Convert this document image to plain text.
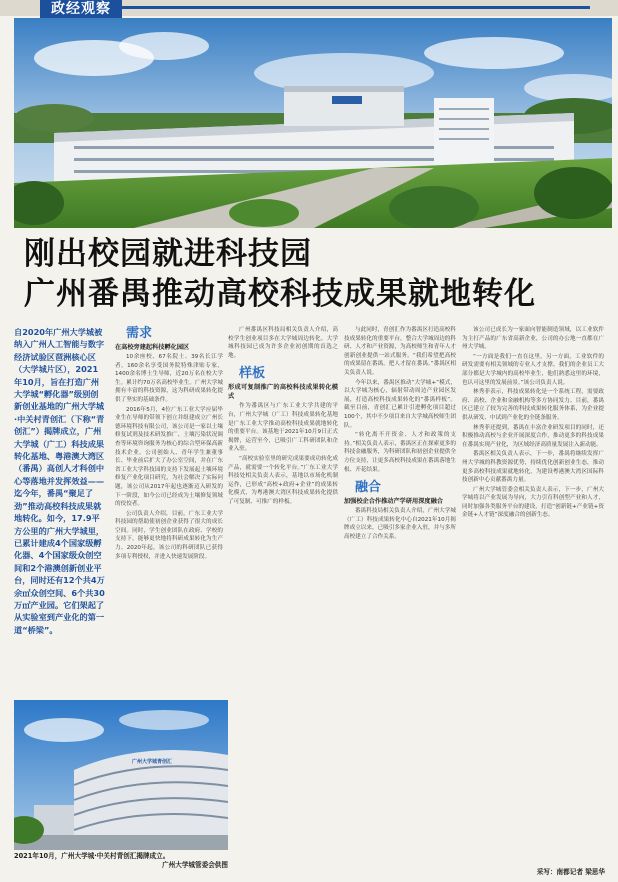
政经观察
刚出校园就进科技园
广州番禺推动高校科技成果就地转化
自2020年广州大学城被纳入广州人工智能与数字经济试验区琶洲核心区（大学城片区），2021年10月，旨在打造广州大学城“孵化器”级别创新创业基地的广州大学城·中关村青创汇（下称“青创汇”）揭牌成立，广州大学城（广工）科技成果转化基地、粤港澳大湾区（番禺）高创人才科创中心等落地并发挥效益——迄今年，番禺“聚足了劲”推动高校科技成果就地转化。如今，17.9平方公里的广州大学城里，已累计建成4个国家级孵化器、4个国家级众创空间和2个港澳创新创业平台，同时还有12个共4万余㎡众创空间、6个共30万㎡产业园。它们架起了从实验室到产业化的第一道“桥梁”。

需求

在高校旁建起科技孵化园区

10余座校、67名院士、39名长江学者，160余名享受国务院特殊津贴专家，1400余名博士生导师，近20万名在校大学生。累计约70万名高校毕业生。广州大学城拥有丰富的科技资源，这为科研成果转化提供了坚实的基础条件。

2016年5月，4位广东工业大学应届毕业生在导师的带领下创立并组建成立广州长德环境科技有限公司，该公司是一家以土壤修复试剂及技术研发推广、土壤污染状况调查等环境咨询服务为核心的综合型环保高新技术企业。公司创始人、青年学生兼董事长、毕业前后扩大了办公室空间，并在广东省工业大学科技园的支持下发展起土壤环境修复产业化项目研究，为社会解决了实际问题，该公司从2017年起也逐渐迈入研发的下一阶段，如今公司已经成为土壤修复领域的佼佼者。

公司负责人介绍，目前，广东工业大学科技园的帮助使初创企业获得了很大的成长空间。同时，学生创业团队在政府、学校的支持下，能够更快地将科研成果转化为生产力。2020年起，该公司的科研团队已获得多项专利授权，并进入快速发展阶段。

广州番禺区科技局相关负责人介绍，高校学生创业项目多在大学城周边转化。大学城科技园已成为许多企业初创期的首选之地。

样板

形成可复制推广的高校科技成果转化模式

作为番禺区与广东工业大学共建的平台，广州大学城（广工）科技成果转化基地是广东工业大学推动高校科技成果就地转化的重要平台。该基地于2021年10月9日正式揭牌，运营至今，已吸引广工科研团队和企业入驻。

“高校实验室里的研究成果要成功转化成产品，就需要一个转化平台。”广东工业大学科技处相关负责人表示，基地以市场化机制运作，已形成“高校+政府+企业”的成果转化模式，为粤港澳大湾区科技成果转化提供了可复制、可推广的样板。

与此同时，青创汇作为番禺区打造高校科技成果转化的重要平台，整合大学城周边的科研、人才和产业资源，为高校师生和青年人才创新创业提供一站式服务。“我们希望把高校的成果留在番禺，把人才留在番禺。”番禺区相关负责人说。

今年以来，番禺区推动“大学城+”模式，以大学城为核心，辐射带动周边产业园区发展，打造高校科技成果转化的“番禺样板”。截至目前，青创汇已累计引进孵化项目超过100个，其中不少项目来自大学城高校师生团队。

“转化离不开资金、人才和政策的支持。”相关负责人表示，番禺区正在探索更多的科技金融服务，为科研团队和初创企业提供全方位支持，让更多高校科技成果在番禺落地生根、开花结果。

融合

加强校企合作推动产学研用深度融合

番禺科技局相关负责人介绍，广州大学城（广工）科技成果转化中心自2021年10月揭牌成立以来，已吸引多家企业入驻，并与多所高校建立了合作关系。

该公司已成长为一家面向智能制造领域，以工业软件为主打产品的广东省高新企业，公司的办公地一直都在广州大学城。

“一方面是我们一直在这里，另一方面，工业软件的研发需要有相关领域的专业人才支撑。我们的企业员工大部分都是大学城内的高校毕业生，他们熟悉这里的环境，也认可这里的发展前景。”该公司负责人说。

林秀菲表示，科技成果转化是一个系统工程，需要政府、高校、企业和金融机构等多方协同发力。目前，番禺区已建立了较为完善的科技成果转化服务体系，为企业提供从研发、中试到产业化的全链条服务。

林秀菲还提到，番禺在丰富企业研发项目的同时，还积极推动高校与企业开展深度合作，推动更多的科技成果在番禺实现产业化，为区域经济高质量发展注入新动能。

番禺区相关负责人表示，下一步，番禺将继续发挥广州大学城的科教资源优势，持续优化创新创业生态，推动更多高校科技成果就地转化，为建设粤港澳大湾区国际科技创新中心贡献番禺力量。

广州大学城管委会相关负责人表示，下一步，广州大学城将以产业发展为导向，大力引育科创型产业和人才，同时加强各类服务平台的建设，打造“创新链+产业链+资金链+人才链”深度融合的创新生态。

广州大学城青创汇
2021年10月，广州大学城·中关村青创汇揭牌成立。
广州大学城管委会供图
采写：南都记者 梁思华
